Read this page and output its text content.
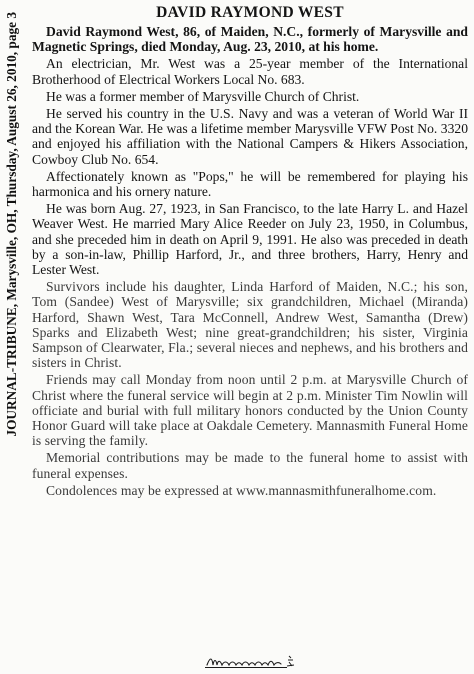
JOURNAL-TRIBUNE, Marysville, OH, Thursday, August 26, 2010, page 3	DAVID RAYMOND WEST

David Raymond West, 86, of Maiden, N.C., formerly of Marysville and Magnetic Springs, died Monday, Aug. 23, 2010, at his home.

An electrician, Mr. West was a 25-year member of the International Brotherhood of Electrical Workers Local No. 683.

He was a former member of Marysville Church of Christ.

He served his country in the U.S. Navy and was a veteran of World War II and the Korean War. He was a lifetime member Marysville VFW Post No. 3320 and enjoyed his affiliation with the National Campers & Hikers Association, Cowboy Club No. 654.

Affectionately known as "Pops," he will be remembered for playing his harmonica and his ornery nature.

He was born Aug. 27, 1923, in San Francisco, to the late Harry L. and Hazel Weaver West. He married Mary Alice Reeder on July 23, 1950, in Columbus, and she preceded him in death on April 9, 1991. He also was preceded in death by a son-in-law, Phillip Harford, Jr., and three brothers, Harry, Henry and Lester West.

Survivors include his daughter, Linda Harford of Maiden, N.C.; his son, Tom (Sandee) West of Marysville; six grandchildren, Michael (Miranda) Harford, Shawn West, Tara McConnell, Andrew West, Samantha (Drew) Sparks and Elizabeth West; nine great-grandchildren; his sister, Virginia Sampson of Clearwater, Fla.; several nieces and nephews, and his brothers and sisters in Christ.

Friends may call Monday from noon until 2 p.m. at Marysville Church of Christ where the funeral service will begin at 2 p.m. Minister Tim Nowlin will officiate and burial with full military honors conducted by the Union County Honor Guard will take place at Oakdale Cemetery. Mannasmith Funeral Home is serving the family.

Memorial contributions may be made to the funeral home to assist with funeral expenses.

Condolences may be expressed at www.mannasmithfuneralhome.com.
